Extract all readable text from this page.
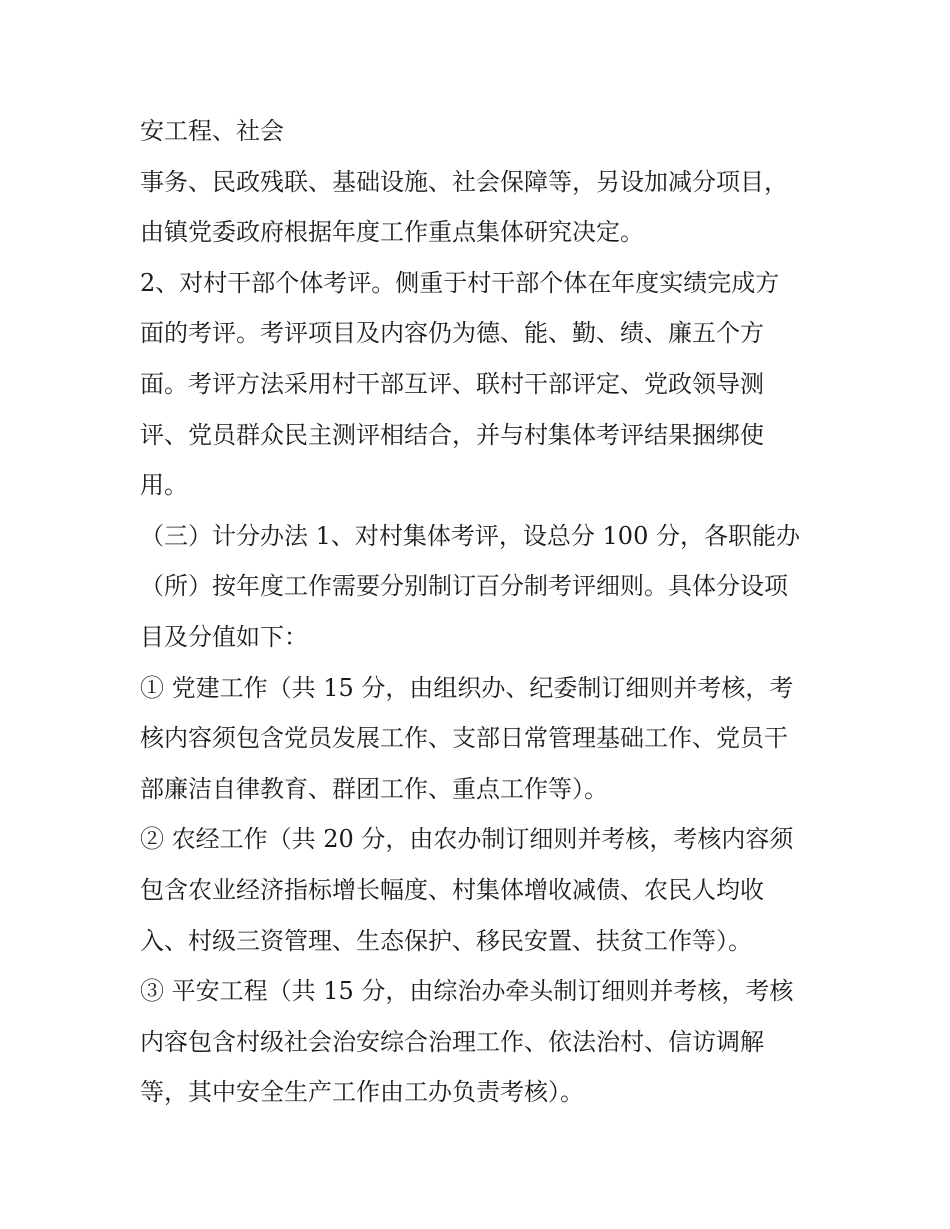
安工程、社会
事务、民政残联、基础设施、社会保障等，另设加减分项目，
由镇党委政府根据年度工作重点集体研究决定。
2、对村干部个体考评。侧重于村干部个体在年度实绩完成方
面的考评。考评项目及内容仍为德、能、勤、绩、廉五个方
面。考评方法采用村干部互评、联村干部评定、党政领导测
评、党员群众民主测评相结合，并与村集体考评结果捆绑使
用。
（三）计分办法 1、对村集体考评，设总分 100 分，各职能办
（所）按年度工作需要分别制订百分制考评细则。具体分设项
目及分值如下：
① 党建工作（共 15 分，由组织办、纪委制订细则并考核，考
核内容须包含党员发展工作、支部日常管理基础工作、党员干
部廉洁自律教育、群团工作、重点工作等）。
② 农经工作（共 20 分，由农办制订细则并考核，考核内容须
包含农业经济指标增长幅度、村集体增收减债、农民人均收
入、村级三资管理、生态保护、移民安置、扶贫工作等）。
③ 平安工程（共 15 分，由综治办牵头制订细则并考核，考核
内容包含村级社会治安综合治理工作、依法治村、信访调解
等，其中安全生产工作由工办负责考核）。
